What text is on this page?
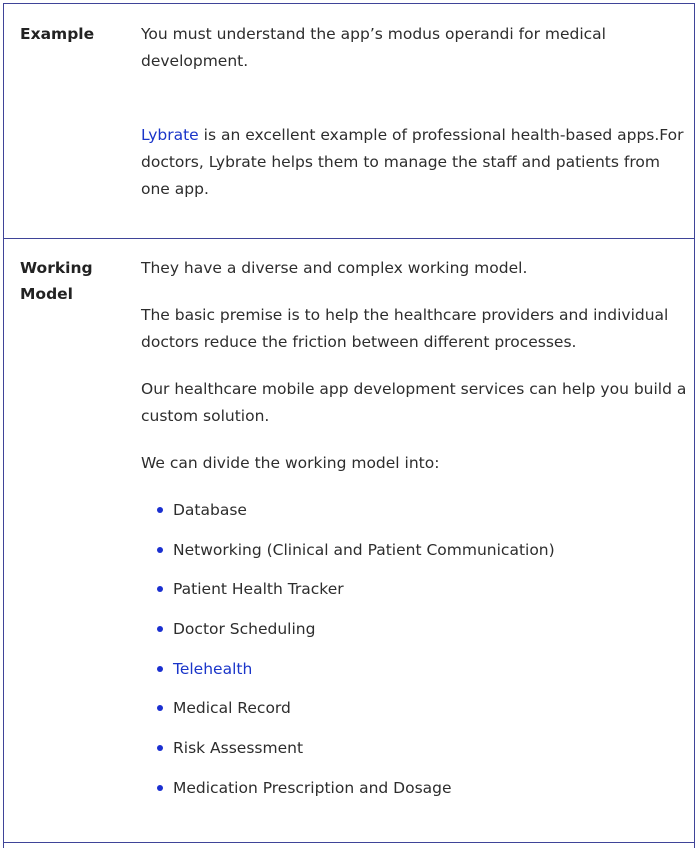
Example	You must understand the app’s modus operandi for medical development.

Lybrate is an excellent example of professional health-based apps.For doctors, Lybrate helps them to manage the staff and patients from one app.

Working Model

They have a diverse and complex working model.

The basic premise is to help the healthcare providers and individual doctors reduce the friction between different processes.

Our healthcare mobile app development services can help you build a custom solution.

We can divide the working model into:

Database
Networking (Clinical and Patient Communication)
Patient Health Tracker
Doctor Scheduling
Telehealth
Medical Record
Risk Assessment
Medication Prescription and Dosage
